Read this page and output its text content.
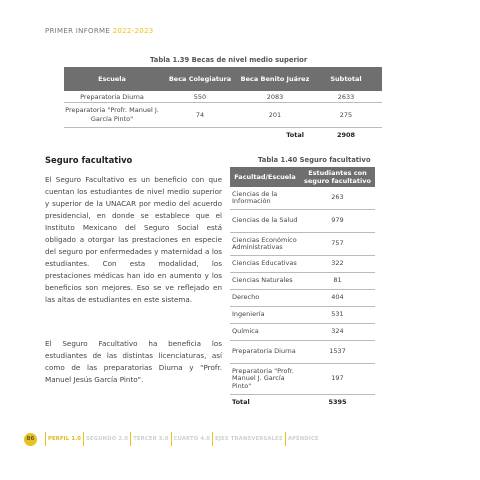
PRIMER INFORME 2022-2023
Tabla 1.39 Becas de nivel medio superior
Escuela	Beca Colegiatura	Beca Benito Juárez	Subtotal
Preparatoria Diurna	550	2083	2633
Preparatoria "Profr. Manuel J. García Pinto"	74	201	275
		Total	2908
Seguro facultativo

El Seguro Facultativo es un beneficio con que cuentan los estudiantes de nivel medio superior y superior de la UNACAR por medio del acuerdo presidencial, en donde se establece que el Instituto Mexicano del Seguro Social está obligado a otorgar las prestaciones en especie del seguro por enfermedades y maternidad a los estudiantes. Con esta modalidad, los prestaciones médicas han ido en aumento y los beneficios son mejores. Eso se ve reflejado en las altas de estudiantes en este sistema.

El Seguro Facultativo ha beneficia los estudiantes de las distintas licenciaturas, así como de las preparatorias Diurna y "Profr. Manuel Jesús García Pinto".

Tabla 1.40 Seguro facultativo
Facultad/Escuela	Estudiantes con seguro facultativo
Ciencias de la Información	263
Ciencias de la Salud	979
Ciencias Económico Administrativas	757
Ciencias Educativas	322
Ciencias Naturales	81
Derecho	404
Ingeniería	531
Química	324
Preparatoria Diurna	1537
Preparatoria "Profr. Manuel J. García Pinto"	197
Total	5395
86	PERFIL 1.0 SEGUNDO 2.0 TERCER 3.0 CUARTO 4.0 EJES TRANSVERSALES APÉNDICE
